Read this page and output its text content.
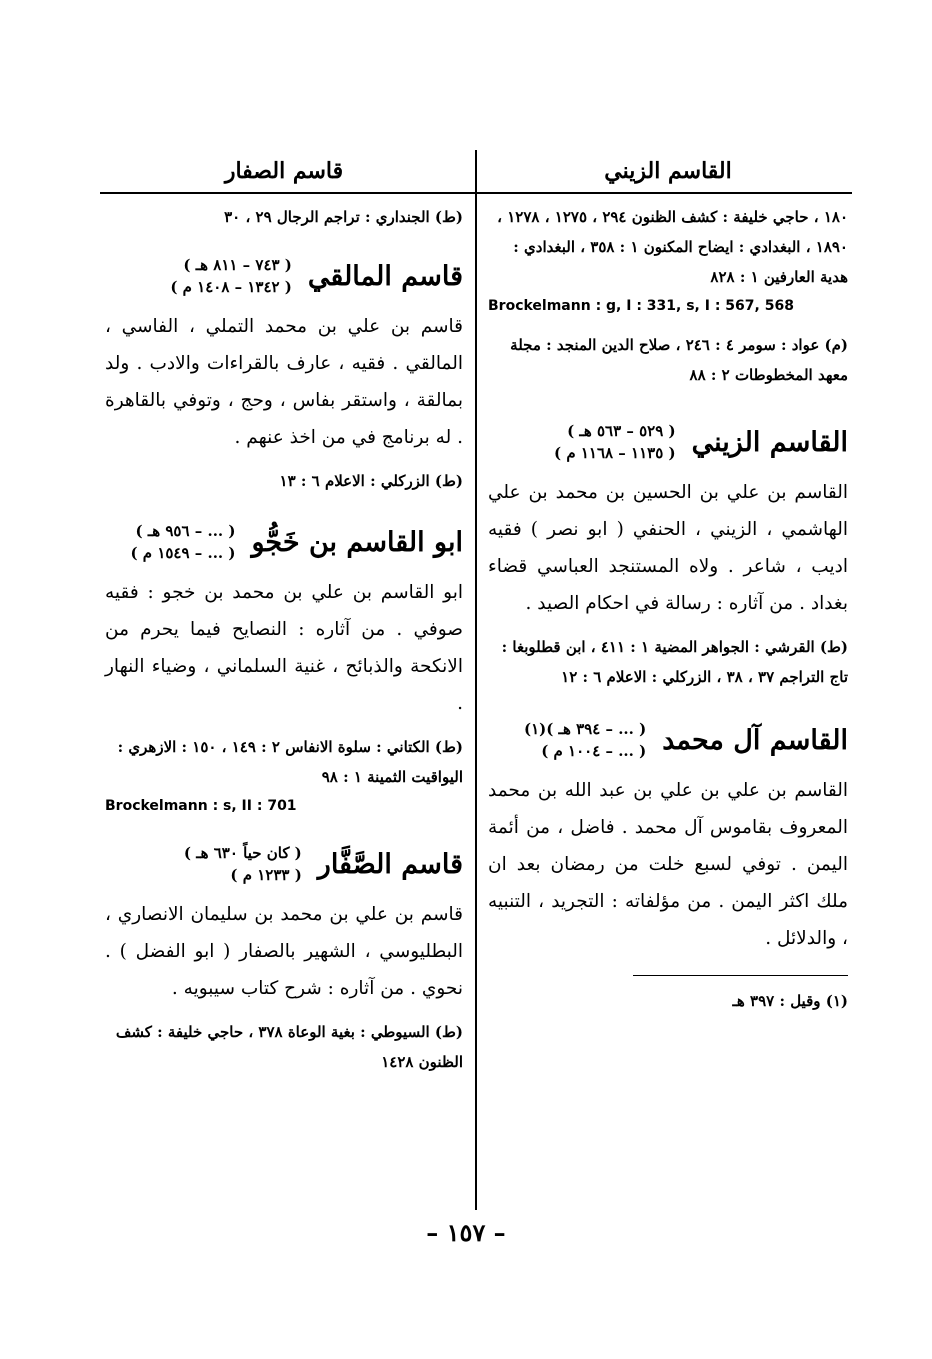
القاسم الزيني
١٨٠ ، حاجي خليفة : كشف الظنون ٢٩٤ ، ١٢٧٥ ، ١٢٧٨ ، ١٨٩٠ ، البغدادي : ايضاح المكنون ١ : ٣٥٨ ، البغدادي : هدية العارفين ١ : ٨٢٨
Brockelmann : g, I : 331, s, I : 567, 568
(م) عواد : سومر ٤ : ٢٤٦ ، صلاح الدين المنجد : مجلة معهد المخطوطات ٢ : ٨٨
القاسم الزيني
( ٥٢٩ – ٥٦٣ هـ )
( ١١٣٥ – ١١٦٨ م )
القاسم بن علي بن الحسين بن محمد بن علي الهاشمي ، الزيني ، الحنفي ( ابو نصر ) فقيه اديب ، شاعر . ولاه المستنجد العباسي قضاء بغداد . من آثاره : رسالة في احكام الصيد .
(ط) القرشي : الجواهر المضية ١ : ٤١١ ، ابن قطلوبغا : تاج التراجم ٣٧ ، ٣٨ ، الزركلي : الاعلام ٦ : ١٢
القاسم آل محمد
( ... – ٣٩٤ هـ )(١)
( ... – ١٠٠٤ م )
القاسم بن علي بن علي بن عبد الله بن محمد المعروف بقاموس آل محمد . فاضل ، من أئمة اليمن . توفي لسبع خلت من رمضان بعد ان ملك اكثر اليمن . من مؤلفاته : التجريد ، التنبيه ، والدلائل .
(١) وقيل : ٣٩٧ هـ
قاسم الصفار
(ط) الجنداري : تراجم الرجال ٢٩ ، ٣٠
قاسم المالقي
( ٧٤٣ – ٨١١ هـ )
( ١٣٤٢ – ١٤٠٨ م )
قاسم بن علي بن محمد التملي ، الفاسي ، المالقي . فقيه ، عارف بالقراءات والادب . ولد بمالقة ، واستقر بفاس ، وحج ، وتوفي بالقاهرة . له برنامج في من اخذ عنهم .
(ط) الزركلي : الاعلام ٦ : ١٣
ابو القاسم بن خَجُّو
( ... – ٩٥٦ هـ )
( ... – ١٥٤٩ م )
ابو القاسم بن علي بن محمد بن خجو : فقيه صوفي . من آثاره : النصايح فيما يحرم من الانكحة والذبائح ، غنية السلماني ، وضياء النهار .
(ط) الكتاني : سلوة الانفاس ٢ : ١٤٩ ، ١٥٠ : الازهري : اليواقيت الثمينة ١ : ٩٨
Brockelmann : s, II : 701
قاسم الصَّفَّار
( كان حياً ٦٣٠ هـ )
( ١٢٣٣ م )
قاسم بن علي بن محمد بن سليمان الانصاري ، البطليوسي ، الشهير بالصفار ( ابو الفضل ) . نحوي . من آثاره : شرح كتاب سيبويه .
(ط) السيوطي : بغية الوعاة ٣٧٨ ، حاجي خليفة : كشف الظنون ١٤٢٨
– ١٥٧ –
